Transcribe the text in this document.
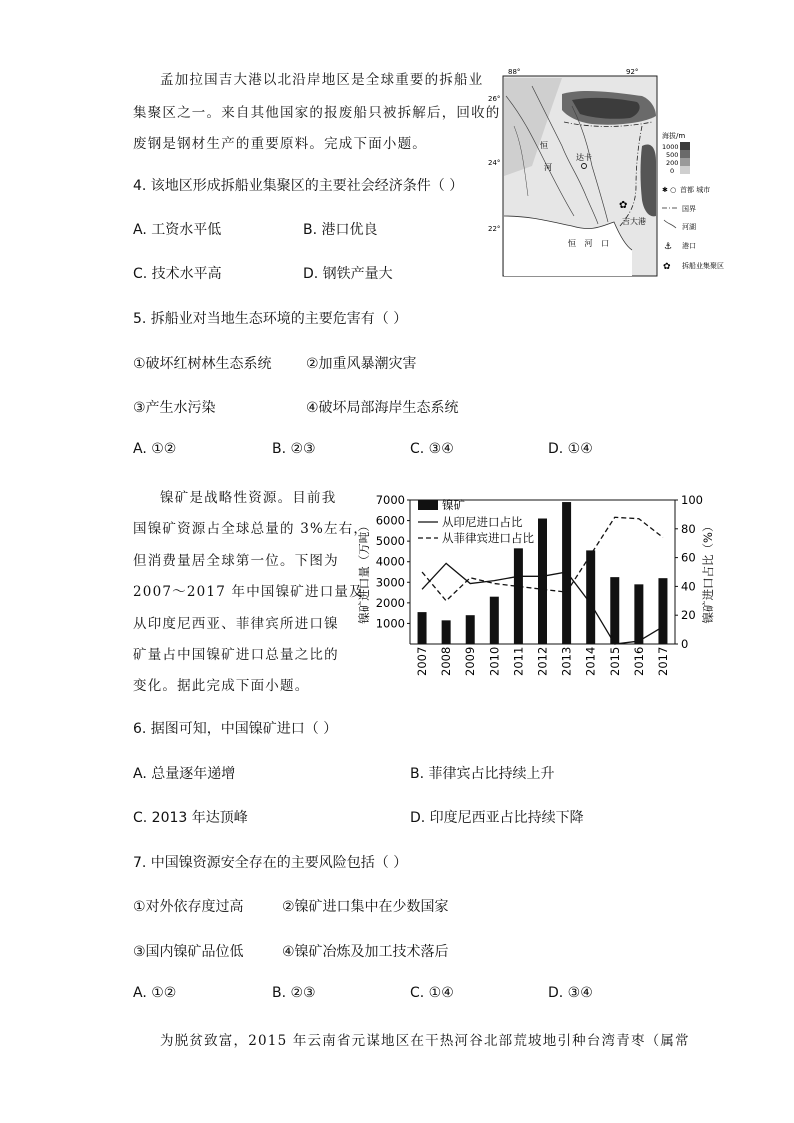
孟加拉国吉大港以北沿岸地区是全球重要的拆船业
集聚区之一。来自其他国家的报废船只被拆解后，回收的
废钢是钢材生产的重要原料。完成下面小题。
88°	92°
26°
24°
22°
恒
河
达卡
✿
吉大港
恒 河 口
海拔/m
1000
500
200
0
✱ ○ 首都 城市
国界
河湖
⚓ 港口
✿ 拆船业集聚区
4. 该地区形成拆船业集聚区的主要社会经济条件（ ）
A. 工资水平低	B. 港口优良
C. 技术水平高	D. 钢铁产量大
5. 拆船业对当地生态环境的主要危害有（ ）
①破坏红树林生态系统 ②加重风暴潮灾害
③产生水污染	④破坏局部海岸生态系统
A. ①②	B. ②③	C. ③④	D. ①④
镍矿是战略性资源。目前我
国镍矿资源占全球总量的 3%左右，
但消费量居全球第一位。下图为
2007～2017 年中国镍矿进口量及
从印度尼西亚、菲律宾所进口镍
矿量占中国镍矿进口总量之比的
变化。据此完成下面小题。
1000
2000
3000
4000
5000
6000
7000
0
20
40
60
80
100
2007 2008 2009 2010 2011 2012 2013 2014 2015 2016 2017
镍矿进口量（万吨）	镍矿进口占比（%）
镍矿
从印尼进口占比
从菲律宾进口占比
6. 据图可知，中国镍矿进口（ ）
A. 总量逐年递增	B. 菲律宾占比持续上升
C. 2013 年达顶峰	D. 印度尼西亚占比持续下降
7. 中国镍资源安全存在的主要风险包括（ ）
①对外依存度过高	②镍矿进口集中在少数国家
③国内镍矿品位低	④镍矿冶炼及加工技术落后
A. ①②	B. ②③	C. ①④	D. ③④
为脱贫致富，2015 年云南省元谋地区在干热河谷北部荒坡地引种台湾青枣（属常
